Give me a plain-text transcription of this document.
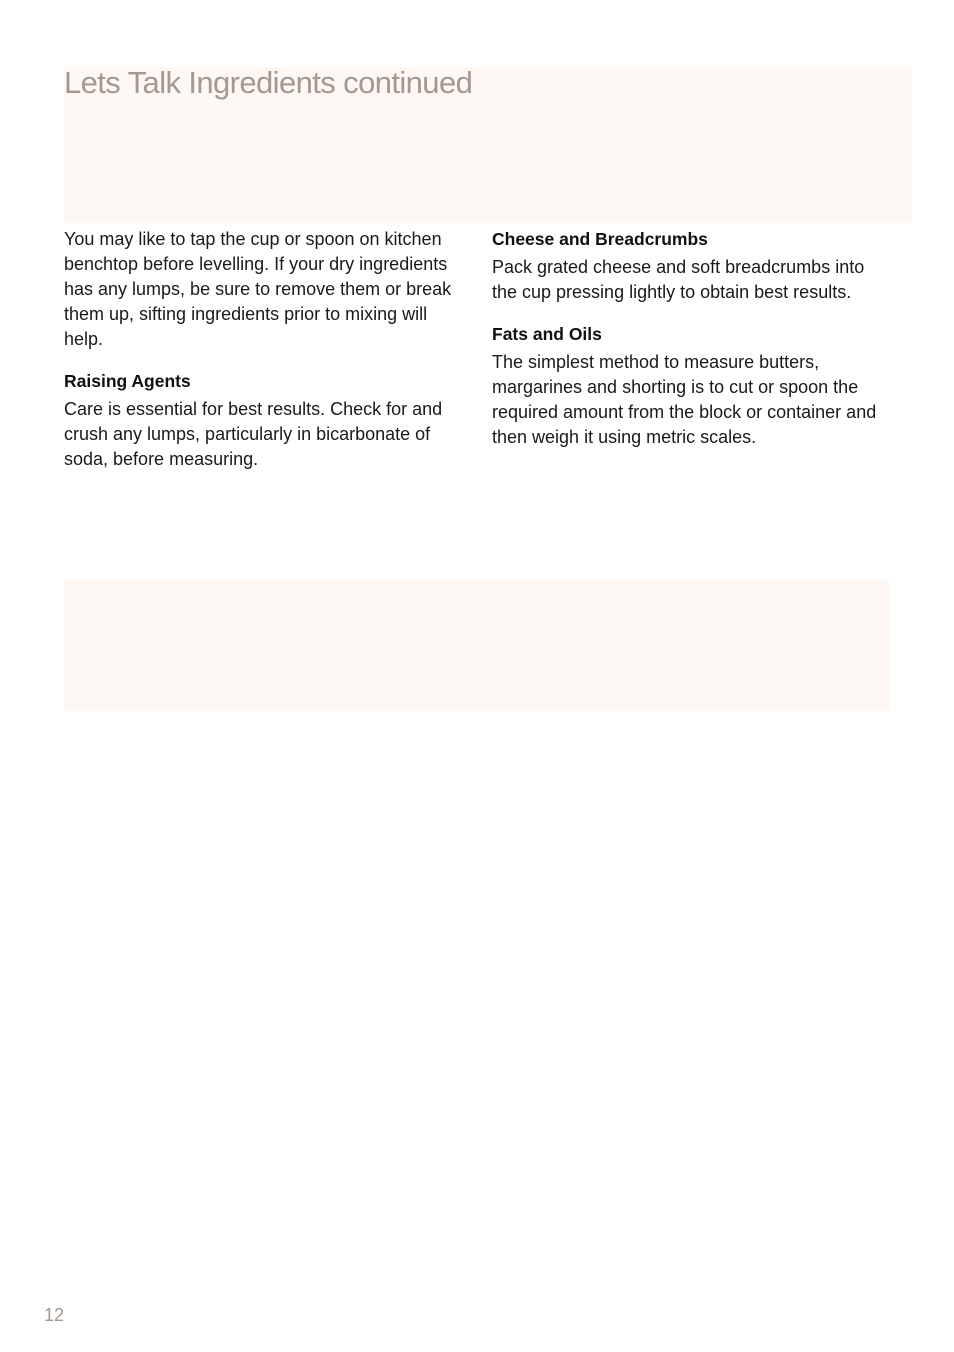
Lets Talk Ingredients continued

You may like to tap the cup or spoon on kitchen benchtop before levelling. If your dry ingredients has any lumps, be sure to remove them or break them up, sifting ingredients prior to mixing will help.

Raising Agents

Care is essential for best results. Check for and crush any lumps, particularly in bicarbonate of soda, before measuring.

Cheese and Breadcrumbs

Pack grated cheese and soft breadcrumbs into the cup pressing lightly to obtain best results.

Fats and Oils

The simplest method to measure butters, margarines and shorting is to cut or spoon the required amount from the block or container and then weigh it using metric scales.

12
